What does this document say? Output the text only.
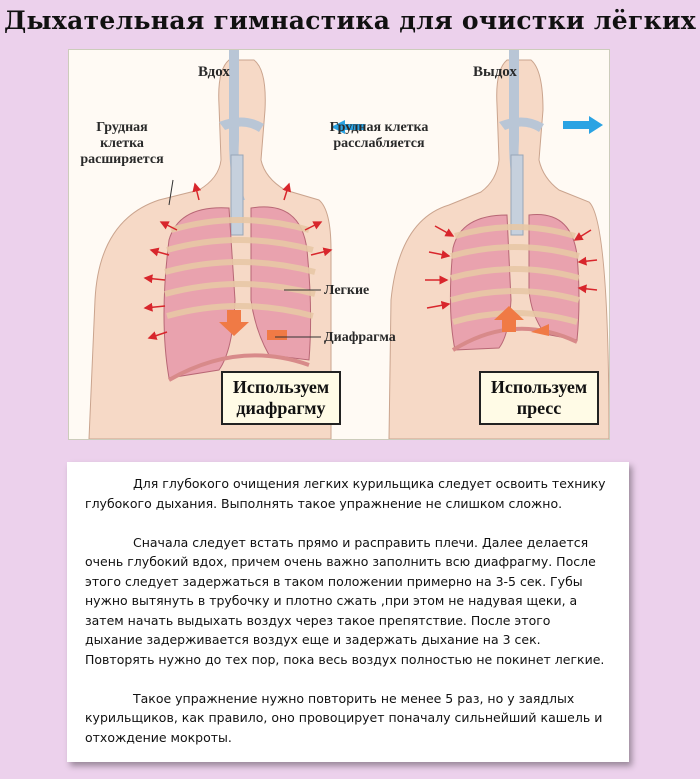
Дыхательная гимнастика для очистки лёгких
Вдох	Выдох
Грудная клетка расширяется
Грудная клетка расслабляется
Легкие
Диафрагма
Используем диафрагму
Используем пресс

Для глубокого очищения легких курильщика следует освоить технику глубокого дыхания. Выполнять такое упражнение не слишком сложно.

Сначала следует встать прямо и расправить плечи. Далее делается очень глубокий вдох, причем очень важно заполнить всю диафрагму. После этого следует задержаться в таком положении примерно на 3-5 сек. Губы нужно вытянуть в трубочку и плотно сжать ,при этом не надувая щеки, а затем начать выдыхать воздух через такое препятствие. После этого дыхание задерживается воздух еще и задержать дыхание на 3 сек. Повторять нужно до тех пор, пока весь воздух полностью не покинет легкие.

Такое упражнение нужно повторить не менее 5 раз, но у заядлых курильщиков, как правило, оно провоцирует поначалу сильнейший кашель и отхождение мокроты.
